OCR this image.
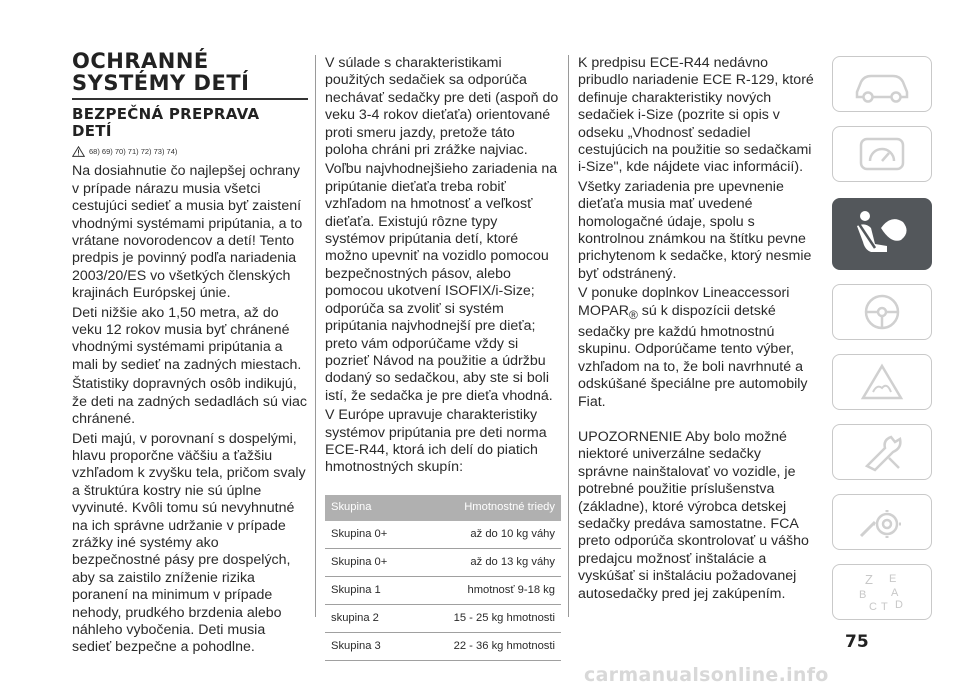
OCHRANNÉ
SYSTÉMY DETÍ
BEZPEČNÁ PREPRAVA
DETÍ
68) 69) 70) 71) 72) 73) 74)

Na dosiahnutie čo najlepšej ochrany v prípade nárazu musia všetci cestujúci sedieť a musia byť zaistení vhodnými systémami pripútania, a to vrátane novorodencov a detí! Tento predpis je povinný podľa nariadenia 2003/20/ES vo všetkých členských krajinách Európskej únie.

Deti nižšie ako 1,50 metra, až do veku 12 rokov musia byť chránené vhodnými systémami pripútania a mali by sedieť na zadných miestach.

Štatistiky dopravných osôb indikujú, že deti na zadných sedadlách sú viac chránené.

Deti majú, v porovnaní s dospelými, hlavu proporčne väčšiu a ťažšiu vzhľadom k zvyšku tela, pričom svaly a štruktúra kostry nie sú úplne vyvinuté. Kvôli tomu sú nevyhnutné na ich správne udržanie v prípade zrážky iné systémy ako bezpečnostné pásy pre dospelých, aby sa zaistilo zníženie rizika poranení na minimum v prípade nehody, prudkého brzdenia alebo náhleho vybočenia. Deti musia sedieť bezpečne a pohodlne.

V súlade s charakteristikami použitých sedačiek sa odporúča nechávať sedačky pre deti (aspoň do veku 3-4 rokov dieťaťa) orientované proti smeru jazdy, pretože táto poloha chráni pri zrážke najviac.

Voľbu najvhodnejšieho zariadenia na pripútanie dieťaťa treba robiť vzhľadom na hmotnosť a veľkosť dieťaťa. Existujú rôzne typy systémov pripútania detí, ktoré možno upevniť na vozidlo pomocou bezpečnostných pásov, alebo pomocou ukotvení ISOFIX/i-Size; odporúča sa zvoliť si systém pripútania najvhodnejší pre dieťa; preto vám odporúčame vždy si pozrieť Návod na použitie a údržbu dodaný so sedačkou, aby ste si boli istí, že sedačka je pre dieťa vhodná.

V Európe upravuje charakteristiky systémov pripútania pre deti norma ECE-R44, ktorá ich delí do piatich hmotnostných skupín:

Skupina	Hmotnostné triedy
Skupina 0+	až do 10 kg váhy
Skupina 0+	až do 13 kg váhy
Skupina 1	hmotnosť 9-18 kg
skupina 2	15 - 25 kg hmotnosti
Skupina 3	22 - 36 kg hmotnosti

K predpisu ECE-R44 nedávno pribudlo nariadenie ECE R-129, ktoré definuje charakteristiky nových sedačiek i-Size (pozrite si opis v odseku „Vhodnosť sedadiel cestujúcich na použitie so sedačkami i-Size", kde nájdete viac informácií).

Všetky zariadenia pre upevnenie dieťaťa musia mať uvedené homologačné údaje, spolu s kontrolnou známkou na štítku pevne prichytenom k sedačke, ktorý nesmie byť odstránený.

V ponuke doplnkov Lineaccessori $MOPAR_®$ sú k dispozícii detské sedačky pre každú hmotnostnú skupinu. Odporúčame tento výber, vzhľadom na to, že boli navrhnuté a odskúšané špeciálne pre automobily Fiat.

UPOZORNENIE Aby bolo možné niektoré univerzálne sedačky správne nainštalovať vo vozidle, je potrebné použitie príslušenstva (základne), ktoré výrobca detskej sedačky predáva samostatne. FCA preto odporúča skontrolovať u vášho predajcu možnosť inštalácie a vyskúšať si inštaláciu požadovanej autosedačky pred jej zakúpením.

Z E
B A
C T D
75
carmanualsonline.info
